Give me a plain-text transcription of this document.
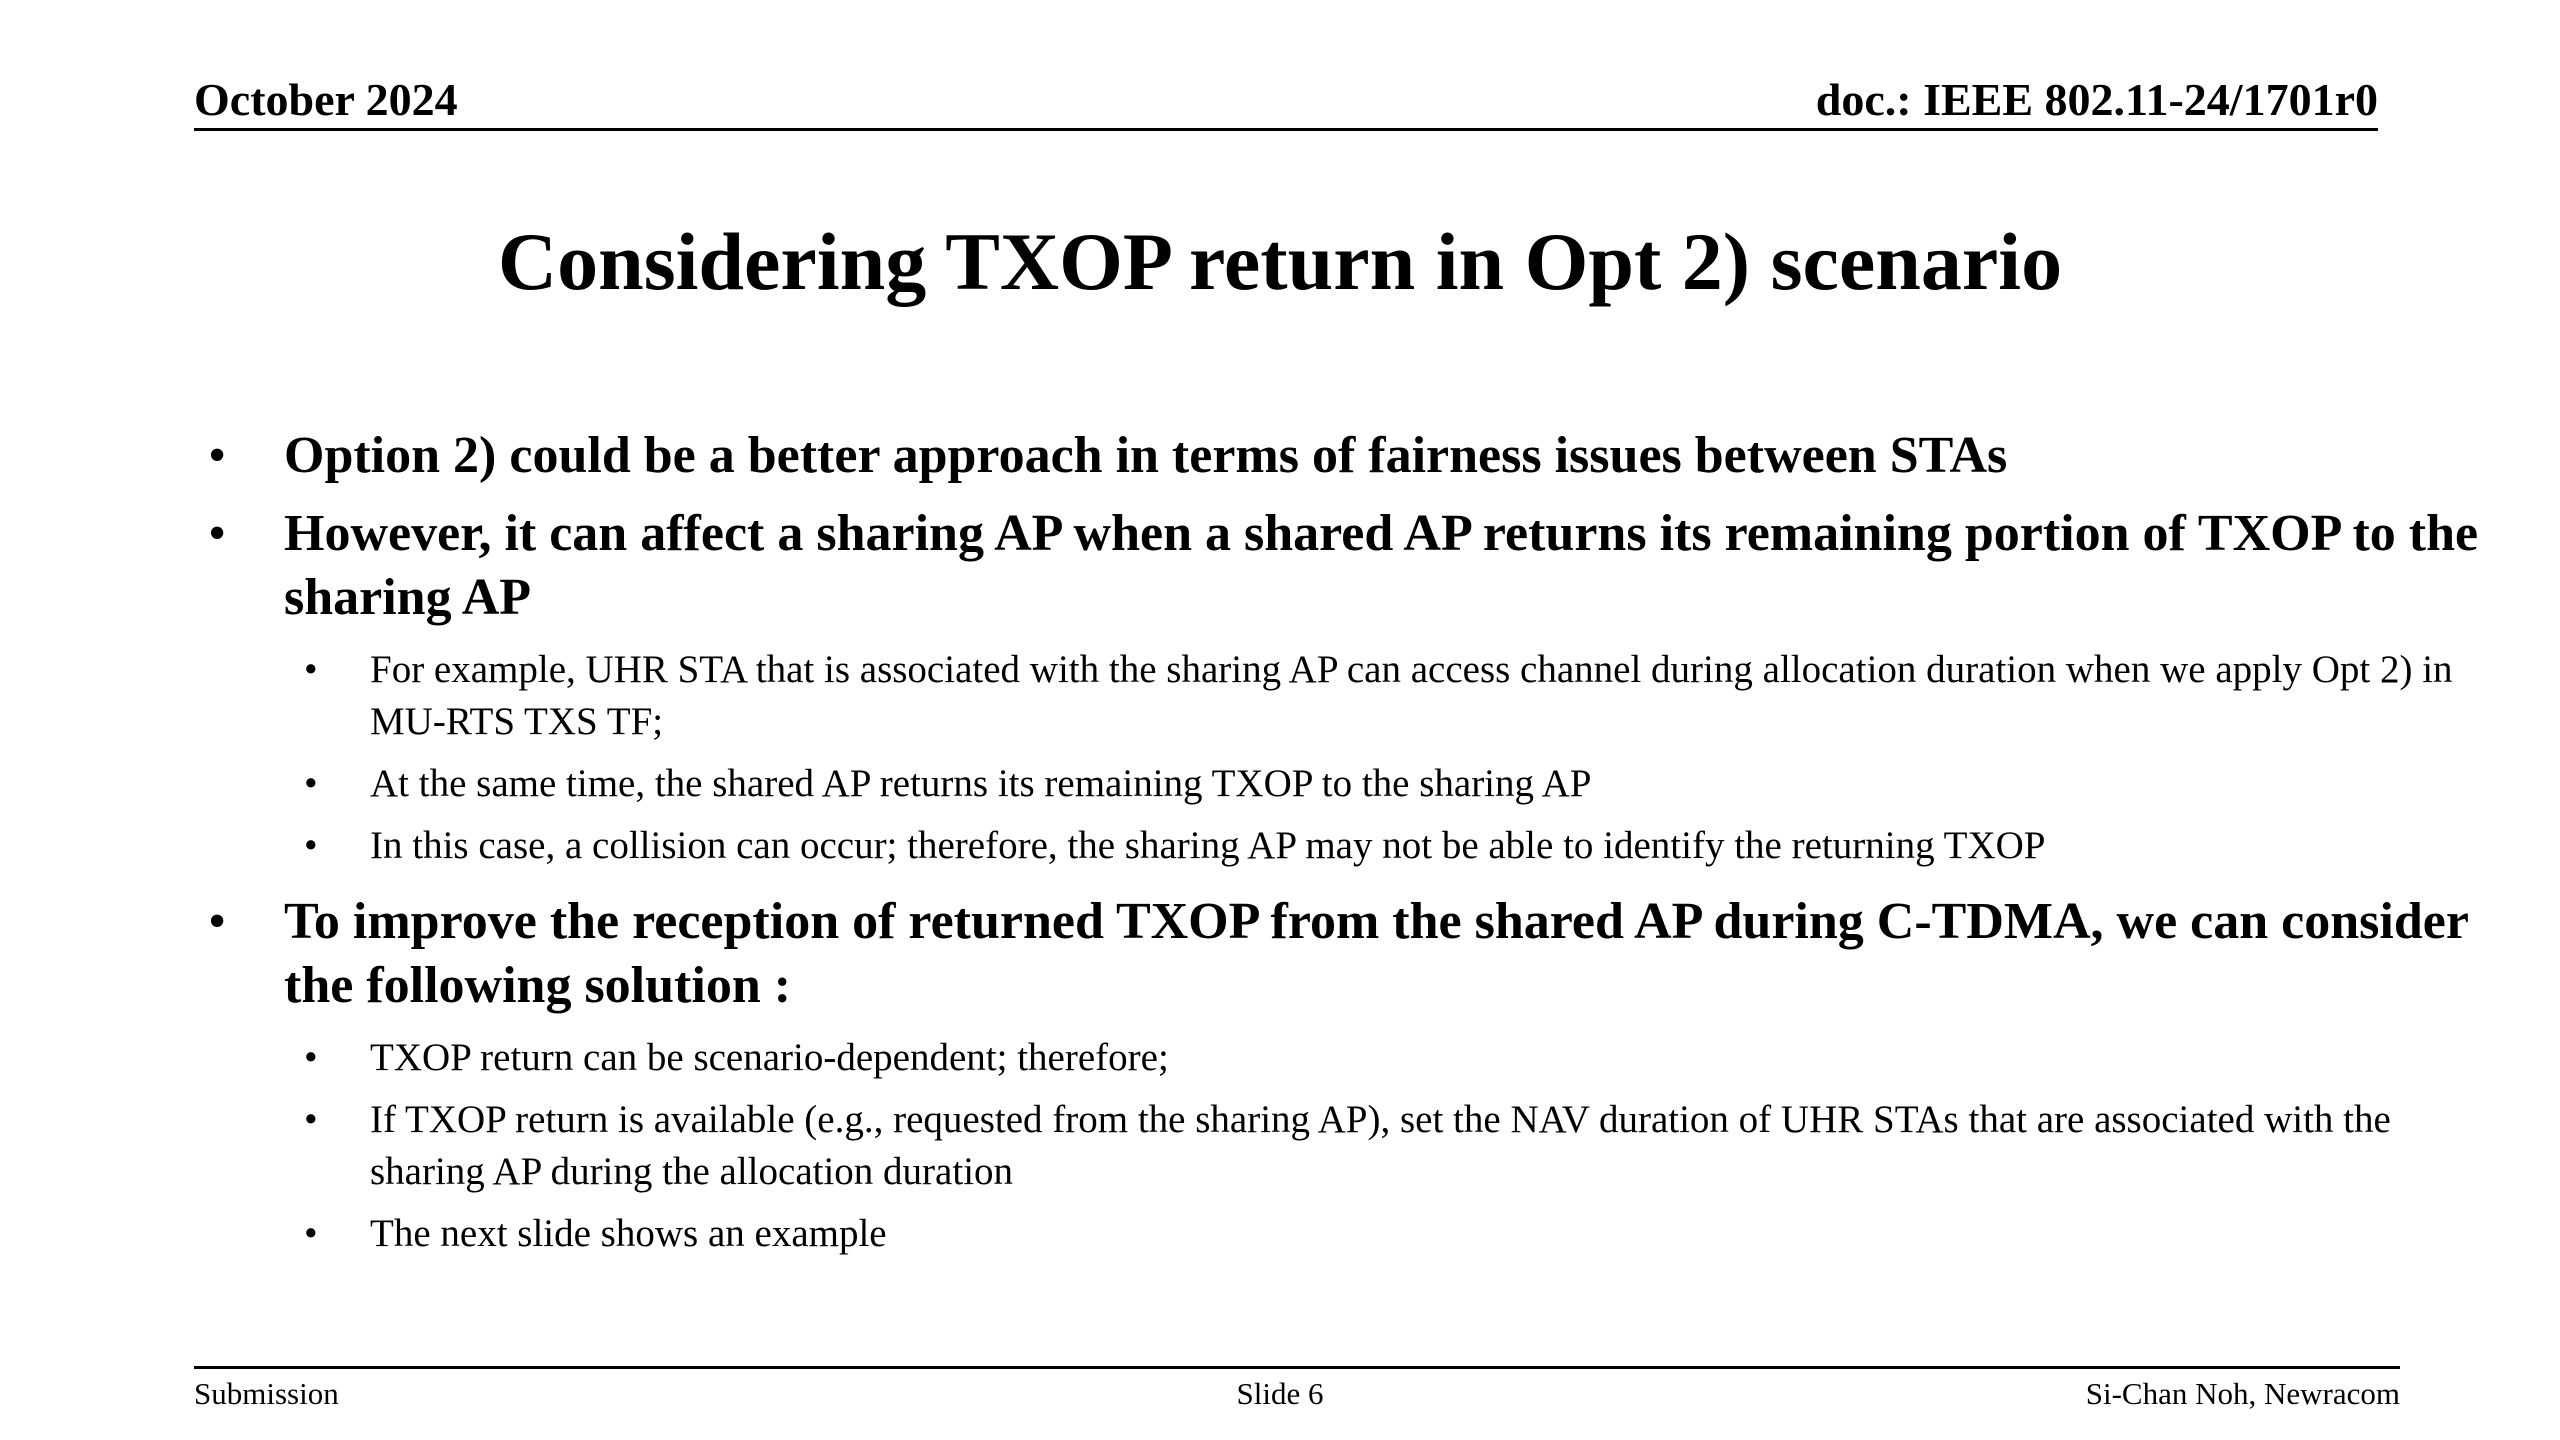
October 2024	doc.: IEEE 802.11-24/1701r0
Considering TXOP return in Opt 2) scenario
• Option 2) could be a better approach in terms of fairness issues between STAs
• However, it can affect a sharing AP when a shared AP returns its remaining portion of TXOP to the sharing AP
• For example, UHR STA that is associated with the sharing AP can access channel during allocation duration when we apply Opt 2) in MU-RTS TXS TF;
• At the same time, the shared AP returns its remaining TXOP to the sharing AP
• In this case, a collision can occur; therefore, the sharing AP may not be able to identify the returning TXOP
• To improve the reception of returned TXOP from the shared AP during C-TDMA, we can consider the following solution :
• TXOP return can be scenario-dependent; therefore;
• If TXOP return is available (e.g., requested from the sharing AP), set the NAV duration of UHR STAs that are associated with the sharing AP during the allocation duration
• The next slide shows an example
Submission	Slide 6	Si-Chan Noh, Newracom
